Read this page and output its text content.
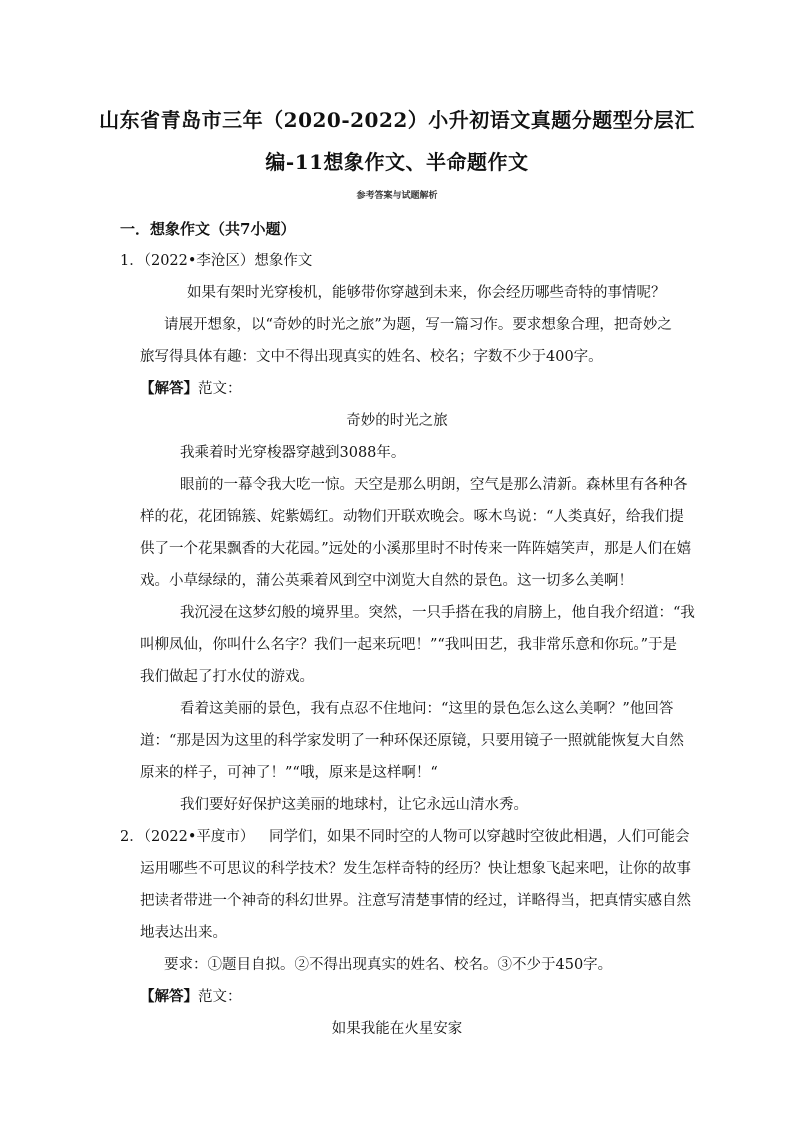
山东省青岛市三年（2020-2022）小升初语文真题分题型分层汇
编-11想象作文、半命题作文
参考答案与试题解析
一．想象作文（共7小题）
1．（2022•李沧区）想象作文
如果有架时光穿梭机，能够带你穿越到未来，你会经历哪些奇特的事情呢？
请展开想象，以“奇妙的时光之旅”为题，写一篇习作。要求想象合理，把奇妙之
旅写得具体有趣：文中不得出现真实的姓名、校名；字数不少于400字。
【解答】范文：
奇妙的时光之旅
我乘着时光穿梭器穿越到3088年。
眼前的一幕令我大吃一惊。天空是那么明朗，空气是那么清新。森林里有各种各
样的花，花团锦簇、姹紫嫣红。动物们开联欢晚会。啄木鸟说：“人类真好，给我们提
供了一个花果飘香的大花园。”远处的小溪那里时不时传来一阵阵嬉笑声，那是人们在嬉
戏。小草绿绿的，蒲公英乘着风到空中浏览大自然的景色。这一切多么美啊！
我沉浸在这梦幻般的境界里。突然，一只手搭在我的肩膀上，他自我介绍道：“我
叫柳凤仙，你叫什么名字？我们一起来玩吧！”“我叫田艺，我非常乐意和你玩。”于是
我们做起了打水仗的游戏。
看着这美丽的景色，我有点忍不住地问：“这里的景色怎么这么美啊？”他回答
道：“那是因为这里的科学家发明了一种环保还原镜，只要用镜子一照就能恢复大自然
原来的样子，可神了！”“哦，原来是这样啊！“
我们要好好保护这美丽的地球村，让它永远山清水秀。
2．（2022•平度市） 同学们，如果不同时空的人物可以穿越时空彼此相遇，人们可能会
运用哪些不可思议的科学技术？发生怎样奇特的经历？快让想象飞起来吧，让你的故事
把读者带进一个神奇的科幻世界。注意写清楚事情的经过，详略得当，把真情实感自然
地表达出来。
要求：①题目自拟。②不得出现真实的姓名、校名。③不少于450字。
【解答】范文：
如果我能在火星安家
